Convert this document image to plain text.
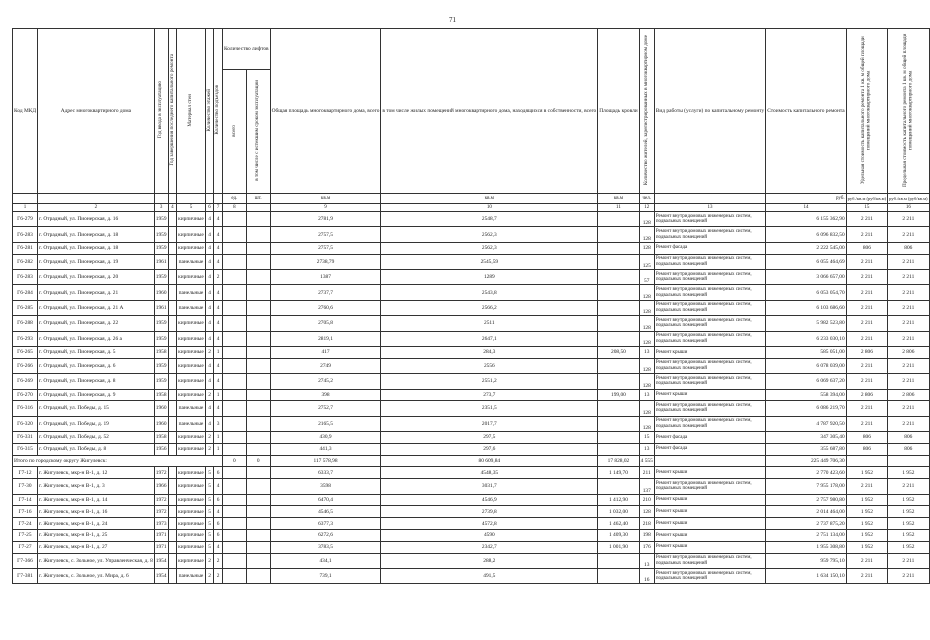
71
Код МКД	Адрес многоквартирного дома	Год ввода в эксплуатацию	Год завершения последнего капитального ремонта	Материал стен	Количество этажей	Количество подъездов	Количество лифтов		Общая площадь многоквартирного дома, всего	в том числе жилых помещений многоквартирного дома, находящихся в собственности, всего	Площадь кровли	Количество жителей, зарегистрированных в многоквартирном доме	Вид работы (услуги) по капитальному ремонту	Стоимость капитального ремонта	Удельная стоимость капитального ремонта 1 кв. м общей площади помещений многоквартирного дома	Предельная стоимость капитального ремонта 1 кв. м общей площади помещений многоквартирного дома
							всего	в том числе с истекшим сроком эксплуатации								
							ед.	шт.	кв.м	кв.м	кв.м	чел.		руб.	руб./кв.м (руб/кв.м)	руб./кв.м (руб/кв.м)
1	2	3	4	5	6	7	8		9	10	11	12	13	14	15	16
Г6-279	г. Отрадный, ул. Пионерская, д. 16	1959		кирпичные	4	4			2781,9	2548,7		128	Ремонт внутридомовых инженерных систем, подвальных помещений	6 155 362,90	2 211	2 211
Г6-283	г. Отрадный, ул. Пионерская, д. 18	1959		кирпичные	4	4			2757,5	2562,3		128	Ремонт внутридомовых инженерных систем, подвальных помещений	6 096 832,50	2 211	2 211
Г6-281	г. Отрадный, ул. Пионерская, д. 18	1959		кирпичные	4	4			2757,5	2562,3		128	Ремонт фасада	2 222 545,00	806	806
Г6-282	г. Отрадный, ул. Пионерская, д. 19	1961		панельные	4	4			2738,79	2545,59		125	Ремонт внутридомовых инженерных систем, подвальных помещений	6 055 464,69	2 211	2 211
Г6-283	г. Отрадный, ул. Пионерская, д. 20	1959		кирпичные	4	2			1387	1289		57	Ремонт внутридомовых инженерных систем, подвальных помещений	3 066 657,00	2 211	2 211
Г6-284	г. Отрадный, ул. Пионерская, д. 21	1960		панельные	4	4			2737,7	2543,8		128	Ремонт внутридомовых инженерных систем, подвальных помещений	6 053 054,70	2 211	2 211
Г6-285	г. Отрадный, ул. Пионерская, д. 21 А	1961		панельные	4	4			2760,6	2566,2		128	Ремонт внутридомовых инженерных систем, подвальных помещений	6 103 686,60	2 211	2 211
Г6-288	г. Отрадный, ул. Пионерская, д. 22	1959		кирпичные	4	4			2705,8	2511		128	Ремонт внутридомовых инженерных систем, подвальных помещений	5 982 523,80	2 211	2 211
Г6-293	г. Отрадный, ул. Пионерская, д. 26 а	1959		кирпичные	4	4			2819,1	2647,1		128	Ремонт внутридомовых инженерных систем, подвальных помещений	6 233 030,10	2 211	2 211
Г6-265	г. Отрадный, ул. Пионерская, д. 5	1958		кирпичные	2	1			417	284,3	208,50	13	Ремонт крыши	585 051,00	2 806	2 806
Г6-266	г. Отрадный, ул. Пионерская, д. 6	1959		кирпичные	4	4			2749	2556		128	Ремонт внутридомовых инженерных систем, подвальных помещений	6 078 039,00	2 211	2 211
Г6-269	г. Отрадный, ул. Пионерская, д. 8	1959		кирпичные	4	4			2745,2	2551,2		128	Ремонт внутридомовых инженерных систем, подвальных помещений	6 069 637,20	2 211	2 211
Г6-270	г. Отрадный, ул. Пионерская, д. 9	1958		кирпичные	2	1			398	273,7	199,00	13	Ремонт крыши	558 394,00	2 806	2 806
Г6-316	г. Отрадный, ул. Победы, д. 15	1960		панельные	4	4			2752,7	2351,5		128	Ремонт внутридомовых инженерных систем, подвальных помещений	6 086 219,70	2 211	2 211
Г6-320	г. Отрадный, ул. Победы, д. 19	1960		панельные	4	3			2165,5	2017,7		128	Ремонт внутридомовых инженерных систем, подвальных помещений	4 787 920,50	2 211	2 211
Г6-331	г. Отрадный, ул. Победы, д. 52	1958		кирпичные	2	1			430,9	297,5		15	Ремонт фасада	347 305,40	806	806
Г6-315	г. Отрадный, ул. Победы, д. 8	1956		кирпичные	2	1			441,3	297,6		13	Ремонт фасада	355 687,80	806	806
Итого по городскому округу Жигулевск:							0	0	117 578,98	80 609,84	17 828,02	4 555		225 449 706,30		
Г7-12	г. Жигулевск, мкр-н В-1, д. 12	1972		кирпичные	5	6			6333,7	4548,35	1 149,70	211	Ремонт крыши	2 770 423,60	1 952	1 952
Г7-30	г. Жигулевск, мкр-н В-1, д. 3	1966		кирпичные	5	4			3598	3031,7		137	Ремонт внутридомовых инженерных систем, подвальных помещений	7 955 178,00	2 211	2 211
Г7-14	г. Жигулевск, мкр-н В-1, д. 14	1972		кирпичные	5	6			6470,4	4546,9	1 412,90	210	Ремонт крыши	2 757 980,80	1 952	1 952
Г7-16	г. Жигулевск, мкр-н В-1, д. 16	1972		кирпичные	5	4			4546,5	2739,8	1 032,00	128	Ремонт крыши	2 014 464,00	1 952	1 952
Г7-24	г. Жигулевск, мкр-н В-1, д. 24	1973		кирпичные	5	6			6377,3	4572,8	1 462,40	218	Ремонт крыши	2 737 875,20	1 952	1 952
Г7-25	г. Жигулевск, мкр-н В-1, д. 25	1971		кирпичные	5	6			6272,6	4590	1 409,30	198	Ремонт крыши	2 751 134,00	1 952	1 952
Г7-27	г. Жигулевск, мкр-н В-1, д. 27	1971		кирпичные	5	4			3783,5	2342,7	1 001,90	176	Ремонт крыши	1 955 308,80	1 952	1 952
Г7-366	г. Жигулевск, с. Зольное, ул. Управленческая, д. 8	1954		кирпичные	2	2			434,1	288,2		13	Ремонт внутридомовых инженерных систем, подвальных помещений	959 795,10	2 211	2 211
Г7-381	г. Жигулевск, с. Зольное, ул. Мира, д. 6	1954		панельные	2	2			739,1	491,5		16	Ремонт внутридомовых инженерных систем, подвальных помещений	1 634 150,10	2 211	2 211
